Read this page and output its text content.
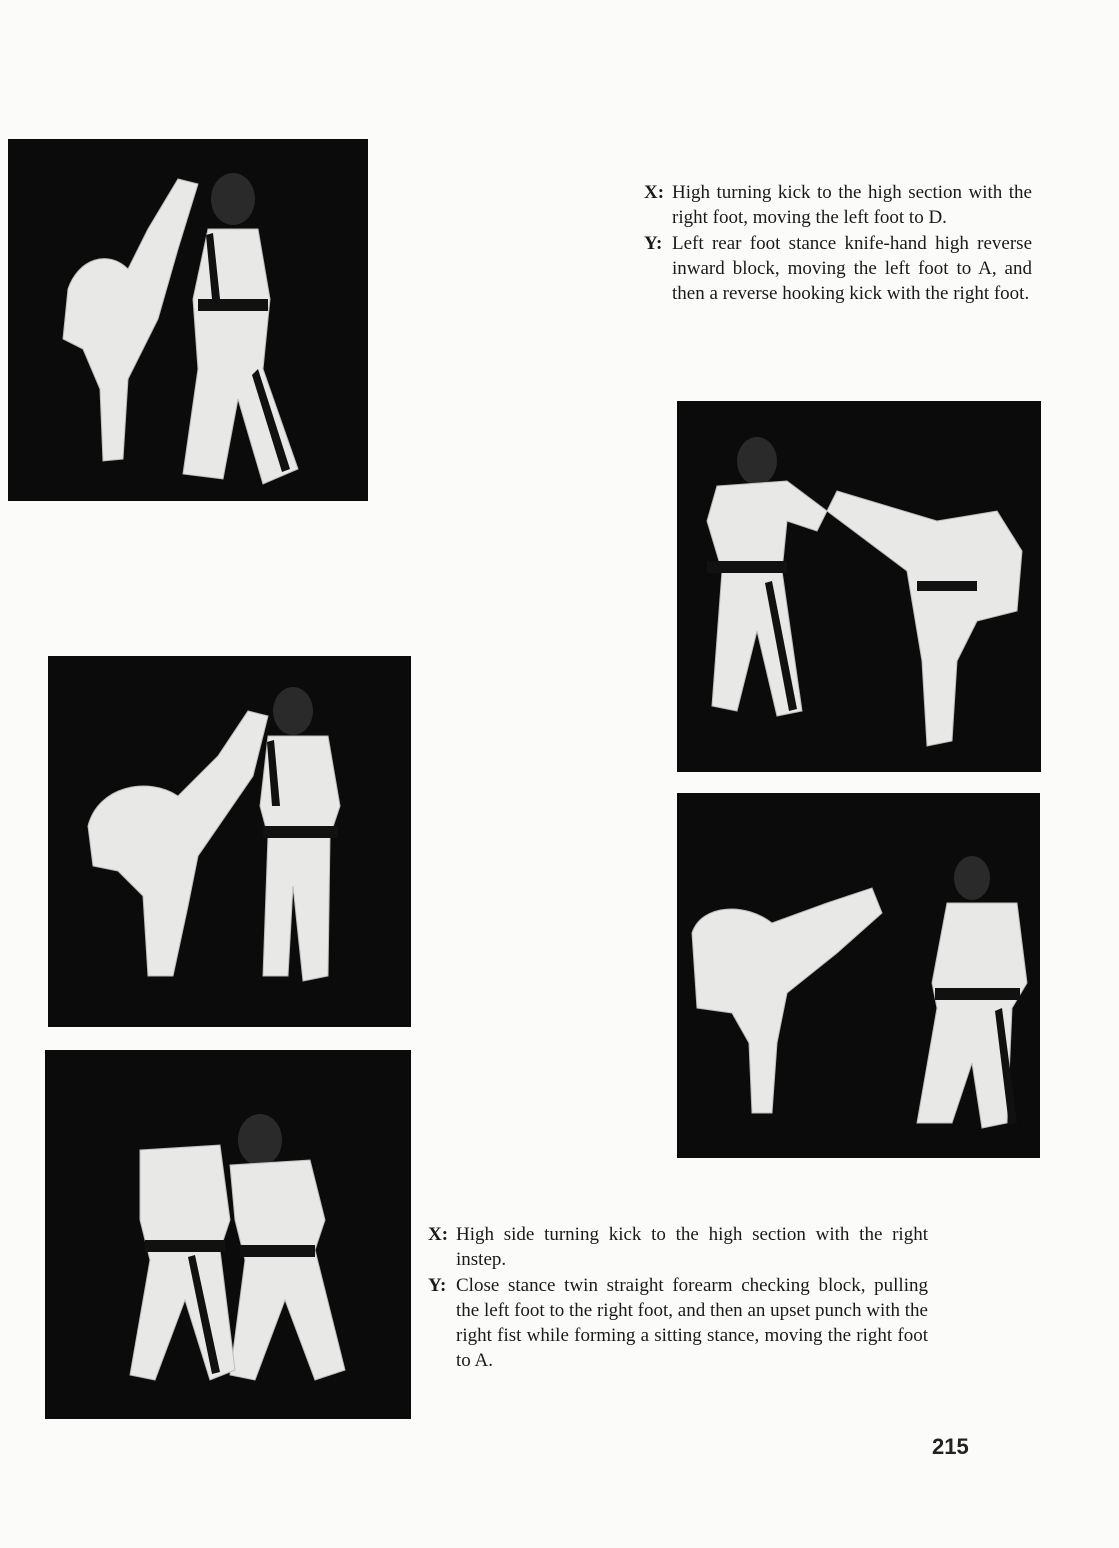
X: High turning kick to the high section with the right foot, moving the left foot to D.
Y: Left rear foot stance knife-hand high reverse inward block, moving the left foot to A, and then a reverse hooking kick with the right foot.
X: High side turning kick to the high section with the right instep.
Y: Close stance twin straight forearm checking block, pulling the left foot to the right foot, and then an upset punch with the right fist while forming a sitting stance, moving the right foot to A.
215
